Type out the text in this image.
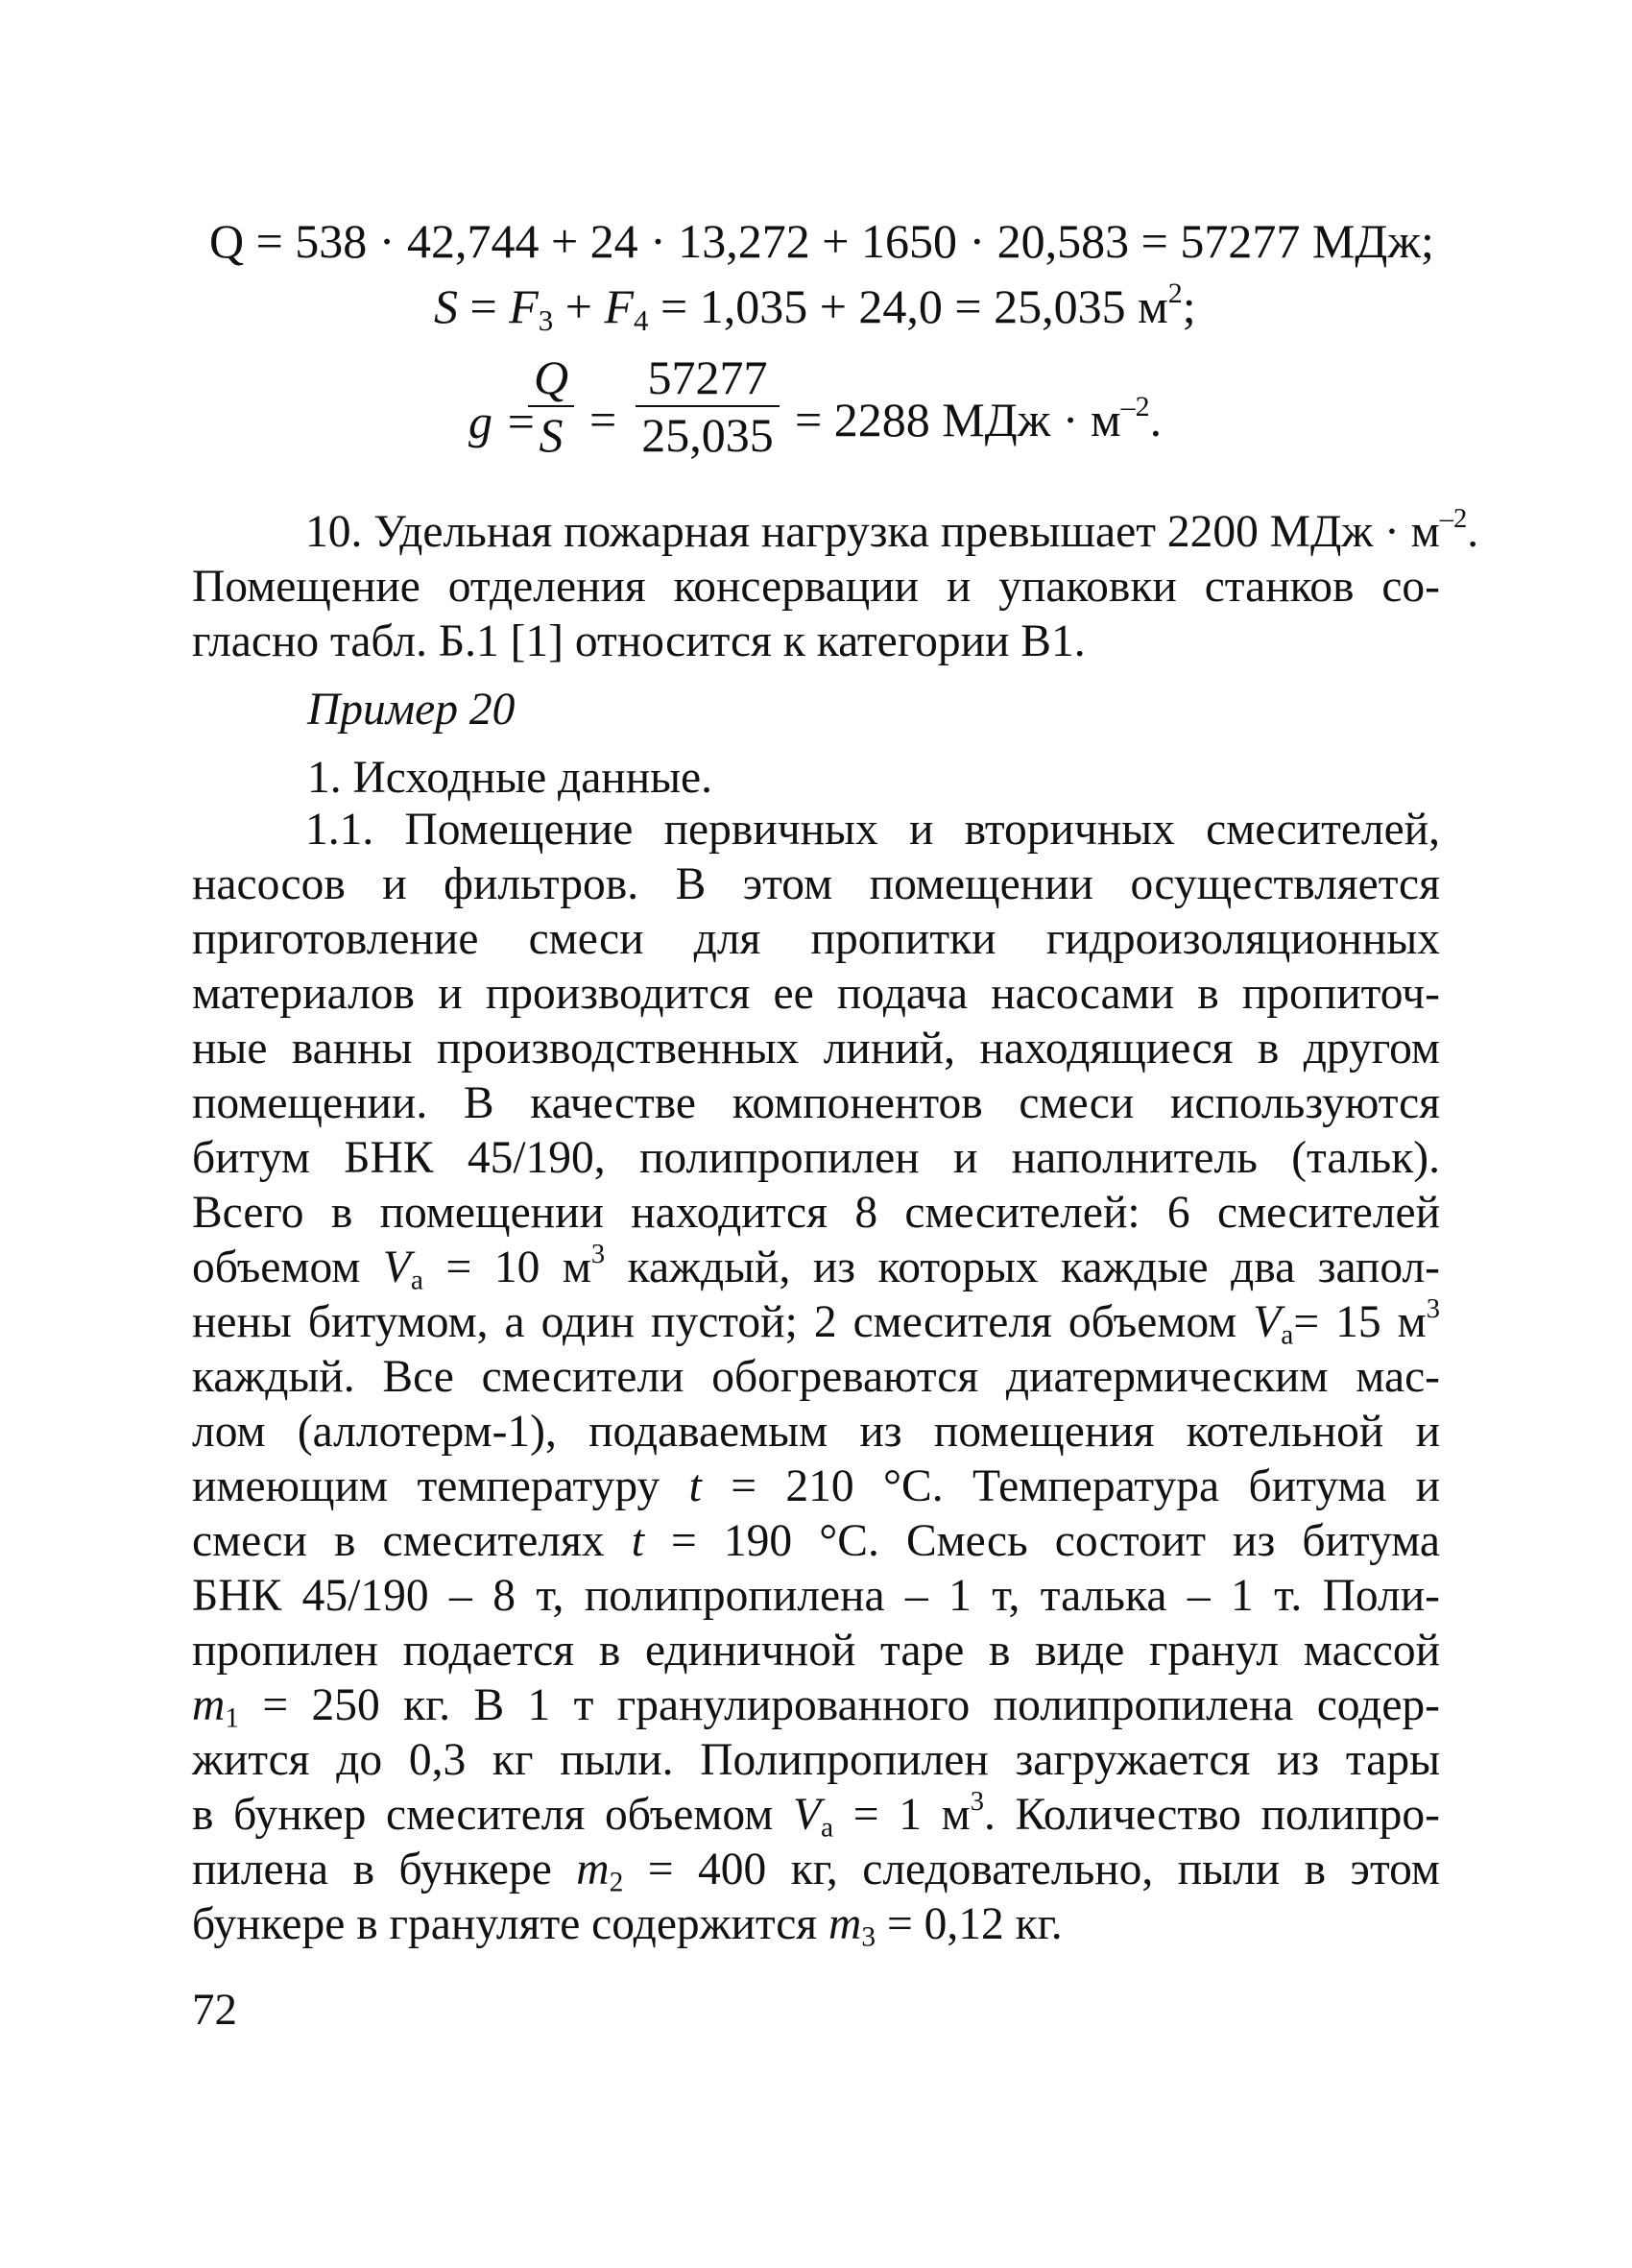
Q = 538 · 42,744 + 24 · 13,272 + 1650 · 20,583 = 57277 МДж;
$S = F_3 + F_4 = 1,035 + 24,0 = 25,035$ $м^2$;
g =
Q
S =
57277
25,035 = 2288 МДж · $м^{-2}$.
10. Удельная пожарная нагрузка превышает 2200 МДж · $м^{-2}$.
Помещение отделения консервации и упаковки станков со-
гласно табл. Б.1 [1] относится к категории В1.
Пример 20
1. Исходные данные.
1.1. Помещение первичных и вторичных смесителей,
насосов и фильтров. В этом помещении осуществляется
приготовление смеси для пропитки гидроизоляционных
материалов и производится ее подача насосами в пропиточ-
ные ванны производственных линий, находящиеся в другом
помещении. В качестве компонентов смеси используются
битум БНК 45/190, полипропилен и наполнитель (тальк).
Всего в помещении находится 8 смесителей: 6 смесителей
объемом $V_а = 10$ $м^3$ каждый, из которых каждые два запол-
нены битумом, а один пустой; 2 смесителя объемом $V_а= 15$ $м^3$
каждый. Все смесители обогреваются диатермическим мас-
лом (аллотерм-1), подаваемым из помещения котельной и
имеющим температуру t = 210 °С. Температура битума и
смеси в смесителях t = 190 °С. Смесь состоит из битума
БНК 45/190 – 8 т, полипропилена – 1 т, талька – 1 т. Поли-
пропилен подается в единичной таре в виде гранул массой
$m_1 = 250$ кг. В 1 т гранулированного полипропилена содер-
жится до 0,3 кг пыли. Полипропилен загружается из тары
в бункер смесителя объемом $V_а = 1$ $м^3$. Количество полипро-
пилена в бункере $m_2 = 400$ кг, следовательно, пыли в этом
бункере в грануляте содержится $m_3 = 0,12$ кг.
72
